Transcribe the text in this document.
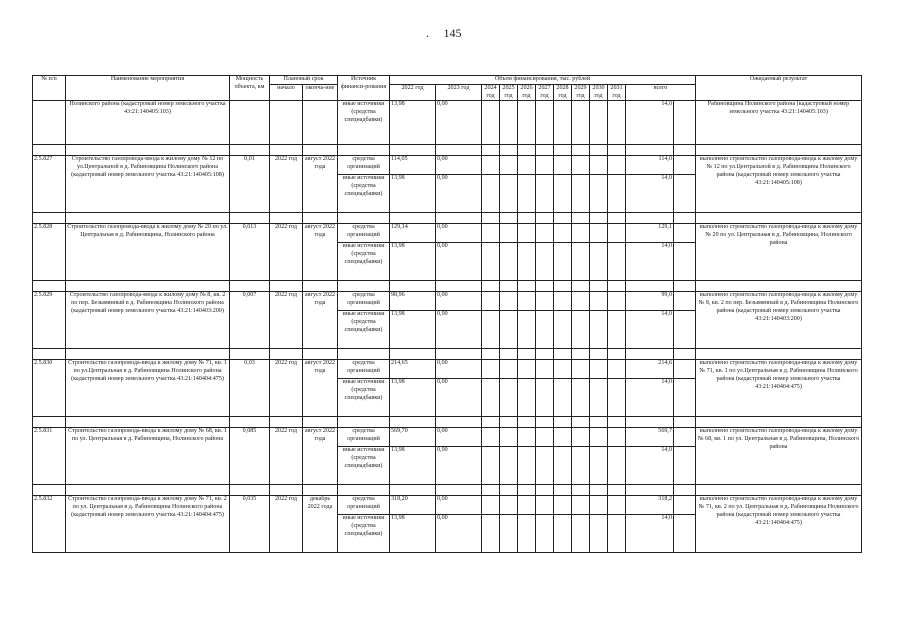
. 145
№ п/п	Наименование мероприятия	Мощность объекта, км	Плановый срок		Источник финанси-рования	Объем финансирования, тыс. рублей												Ожидаемый результат
			начало	оконча-ние		2022 год	2023 год	2024 год	2025 год	2026 год	2027 год	2028 год	2029 год	2030 год	2031 год	всего		
	Нолинского района (кадастровый номер земельного участка 43:21:140405:103)				иные источники (средства спецнадбавки)	13,98	0,00									14,0		Рабиновщина Нолинского района (кадастровый номер земельного участка 43:21:140405:103)

2.5.827	Строительство газопровода-ввода к жилому дому № 12 по ул.Центральной в д. Рабиновщина Нолинского района (кадастровый номер земельного участка 43:21:140405:108)	0,01	2022 год	август 2022 года	средства организаций	114,05	0,00									114,0		выполнено строительство газопровода-ввода к жилому дому № 12 по ул.Центральной в д. Рабиновщина Нолинского района (кадастровый номер земельного участка 43:21:140405:108)
					иные источники (средства спецнадбавки)	13,98	0,00									14,0		

2.5.828	Строительство газопровода-ввода к жилому дому № 20 по ул. Центральная в д. Рабиновщина, Нолинского района	0,013	2022 год	август 2022 года	средства организаций	129,14	0,00									129,1		выполнено строительство газопровода-ввода к жилому дому № 20 по ул. Центральная в д. Рабиновщина, Нолинского района
					иные источники (средства спецнадбавки)	13,98	0,00									14,0		

2.5.829	Строительство газопровода-ввода к жилому дому № 8, кв. 2 по пер. Безымянный в д. Рабиновщина Нолинского района (кадастровый номер земельного участка 43:21:140403:200)	0,007	2022 год	август 2022 года	средства организаций	98,96	0,00									99,0		выполнено строительство газопровода-ввода к жилому дому № 8, кв. 2 по пер. Безымянный в д. Рабиновщина Нолинского района (кадастровый номер земельного участка 43:21:140403:200)
					иные источники (средства спецнадбавки)	13,98	0,00									14,0		

2.5.830	Строительство газопровода-ввода к жилому дому № 71, кв. 1 по ул.Центральная в д. Рабиновщина Нолинского района (кадастровый номер земельного участка 43:21:140404:475)	0,03	2022 год	август 2022 года	средства организаций	214,65	0,00									214,6		выполнено строительство газопровода-ввода к жилому дому № 71, кв. 1 по ул.Центральная в д. Рабиновщина Нолинского района (кадастровый номер земельного участка 43:21:140404:475)
					иные источники (средства спецнадбавки)	13,98	0,00									14,0		

2.5.831	Строительство газопровода-ввода к жилому дому № 68, кв. 1 по ул. Центральная в д. Рабиновщина, Нолинского района	0,085	2022 год	август 2022 года	средства организаций	569,70	0,00									569,7		выполнено строительство газопровода-ввода к жилому дому № 68, кв. 1 по ул. Центральная в д. Рабиновщина, Нолинского района
					иные источники (средства спецнадбавки)	13,98	0,00									14,0		

2.5.832	Строительство газопровода-ввода к жилому дому № 71, кв. 2 по ул. Центральная в д. Рабиновщина Нолинского района (кадастровый номер земельного участка 43:21:140404:475)	0,035	2022 год	декабрь 2022 года	средства организаций	318,20	0,00									318,2		выполнено строительство газопровода-ввода к жилому дому № 71, кв. 2 по ул. Центральная в д. Рабиновщина Нолинского района (кадастровый номер земельного участка 43:21:140404:475)
					иные источники (средства спецнадбавки)	13,98	0,00									14,0		
